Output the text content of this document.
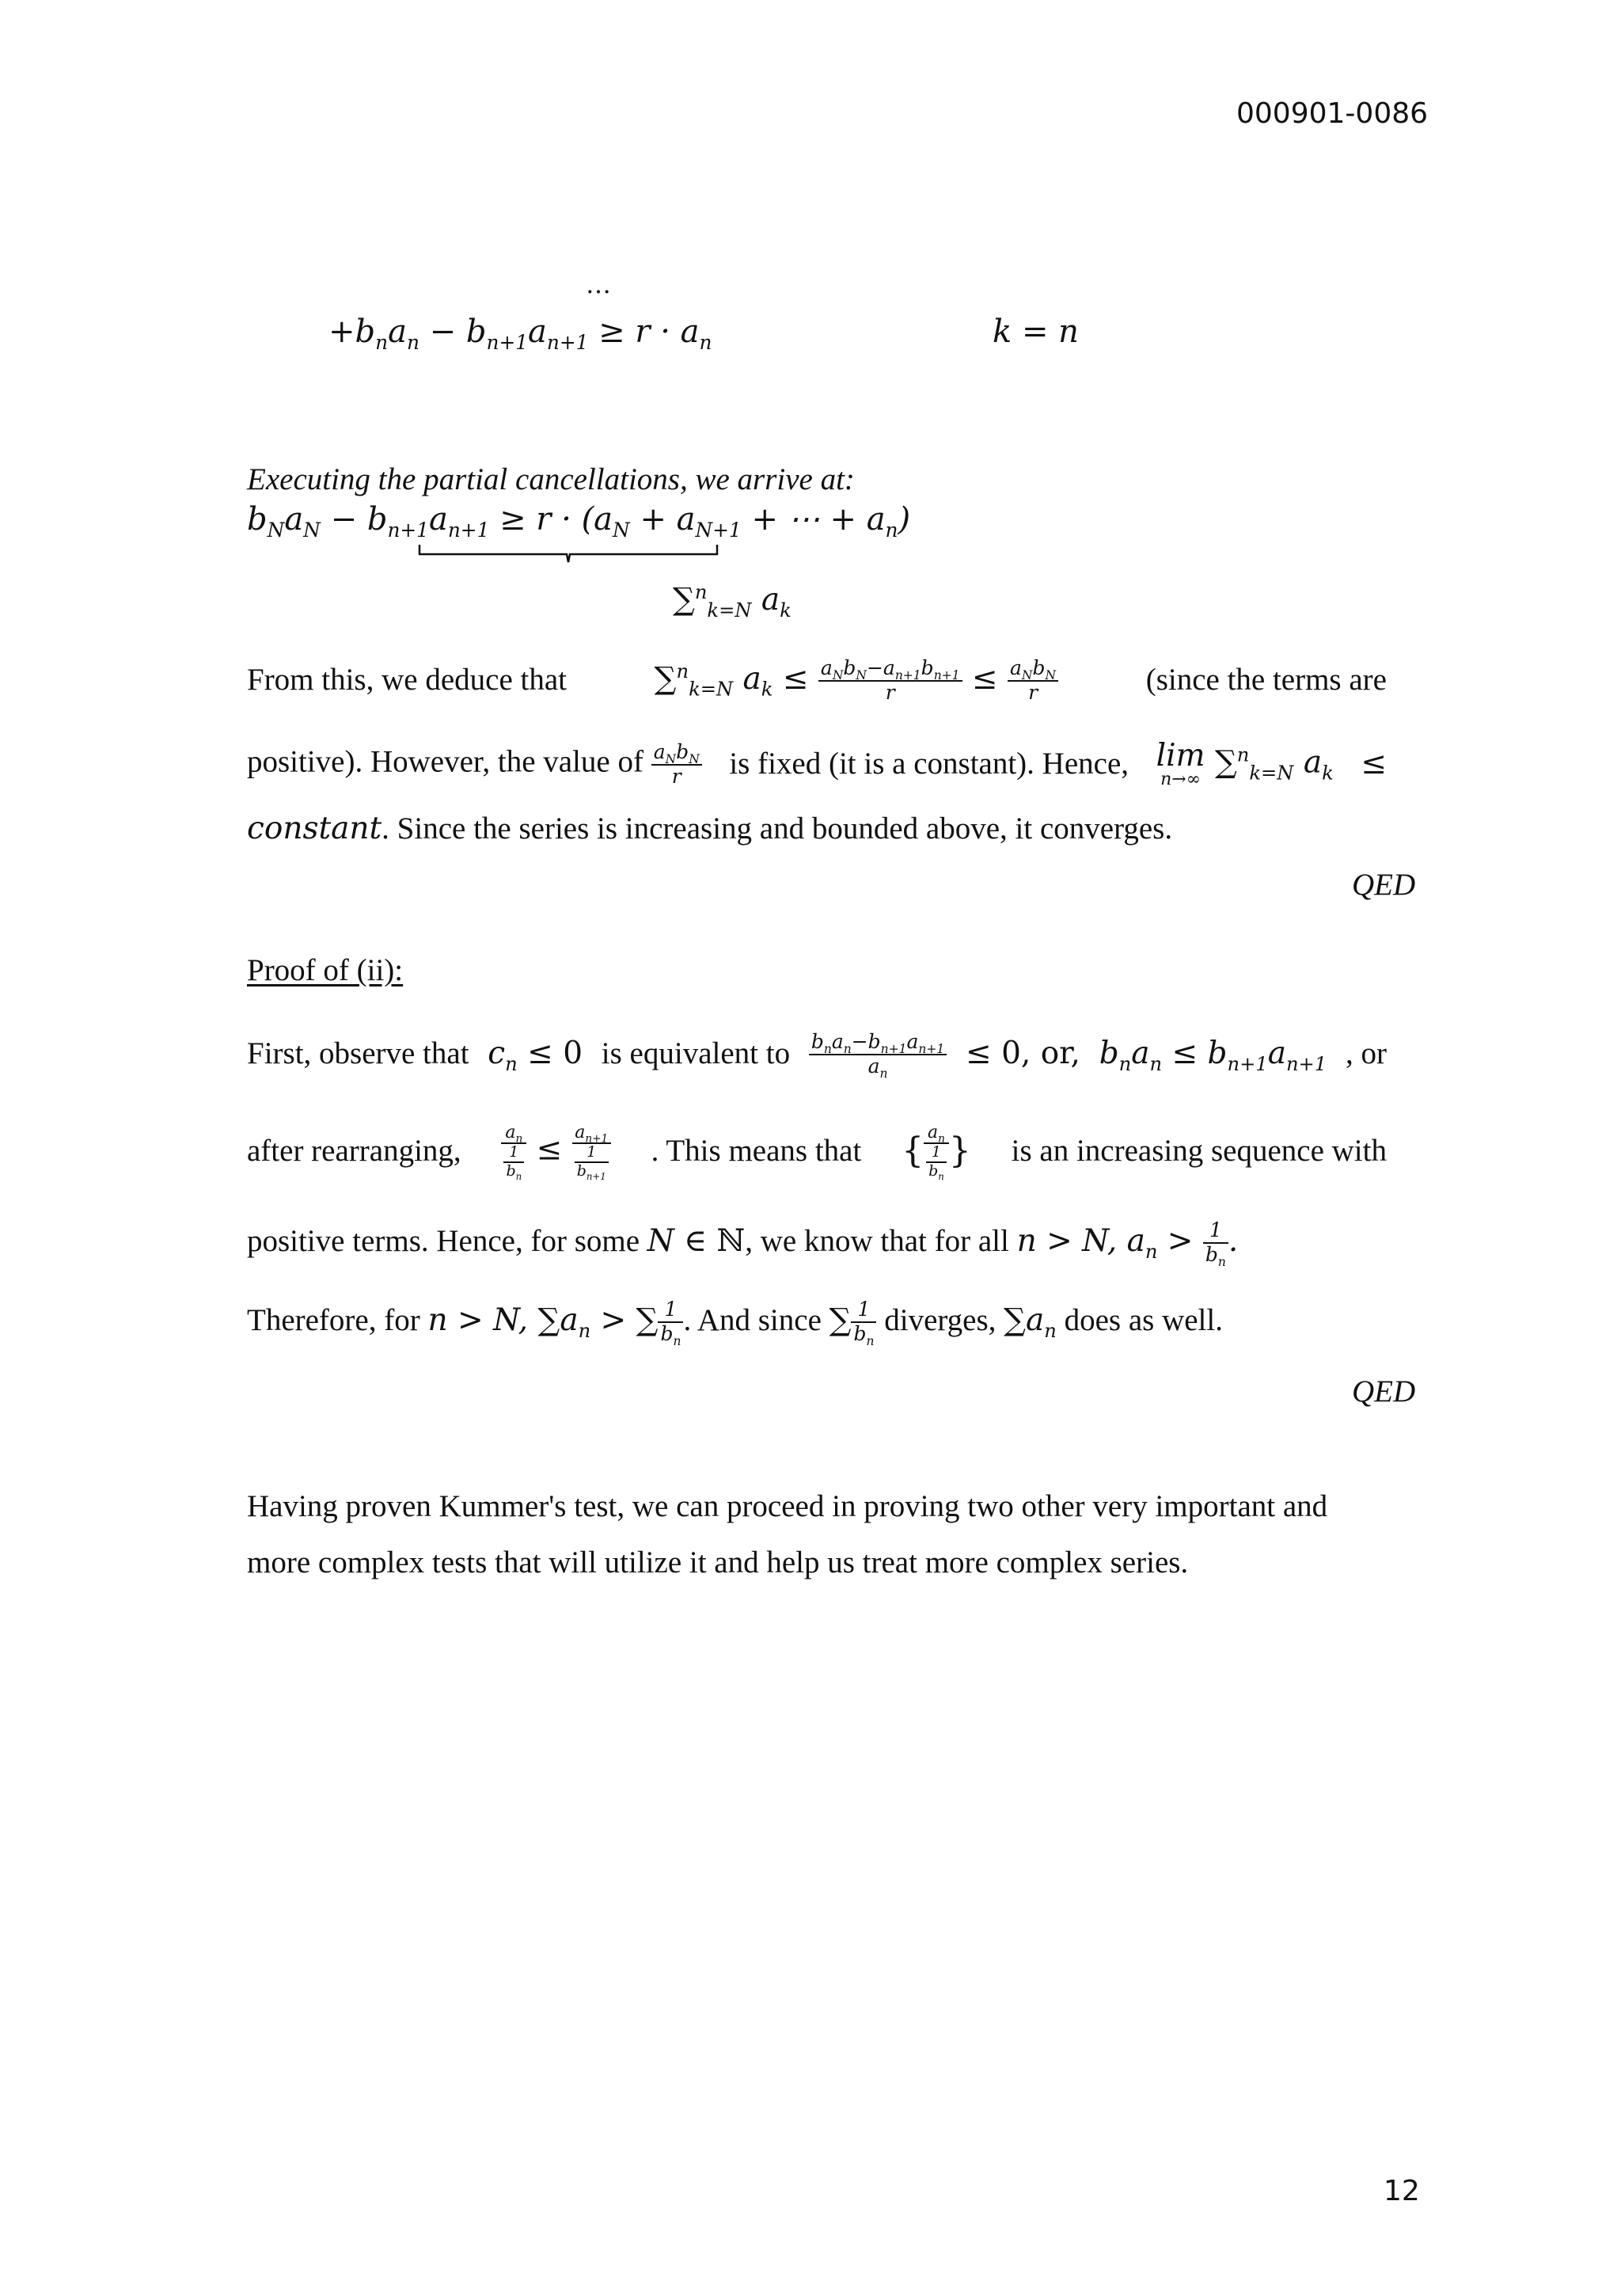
000901-0086
…
$+b_na_n - b_{n+1}a_{n+1} \ge r \cdot a_n$	k = n
Executing the partial cancellations, we arrive at:
$b_Na_N - b_{n+1}a_{n+1} \ge r \cdot (a_N + a_{N+1}$ + ⋯ + $a_n$)
∑$^n_{k=N}$ $a_k$
From this, we deduce that	∑$^n_{k=N}$ $a_k \le \frac{a_Nb_N-a_{n+1}b_{n+1}}{r} \le \frac{a_Nb_N}{r}$	(since the terms are
positive). However, the value of $\frac{a_Nb_N}{r}$ is fixed (it is a constant). Hence, lim
n→∞ ∑$^n_{k=N}$ $a_k$ ≤
constant. Since the series is increasing and bounded above, it converges.
QED
Proof of (ii):
First, observe that $c_n \le 0$ is equivalent to $\frac{b_na_n-b_{n+1}a_{n+1}}{a_n} \le 0$, or, $b_na_n \le b_{n+1}a_{n+1}$ , or
after rearranging, $\frac{a_n}{\frac{1}{b_n}} \le \frac{a_{n+1}}{\frac{1}{b_{n+1}}}$ . This means that { $\frac{a_n}{\frac{1}{b_n}}$ } is an increasing sequence with
positive terms. Hence, for some N ∈ ℕ, we know that for all n > N, $a_n > \frac{1}{b_n}$ .
Therefore, for n > N, $\sum a_n$ > ∑ $\frac{1}{b_n}$ . And since ∑ $\frac{1}{b_n}$ diverges, $\sum a_n$ does as well.
QED
Having proven Kummer's test, we can proceed in proving two other very important and
more complex tests that will utilize it and help us treat more complex series.
12
